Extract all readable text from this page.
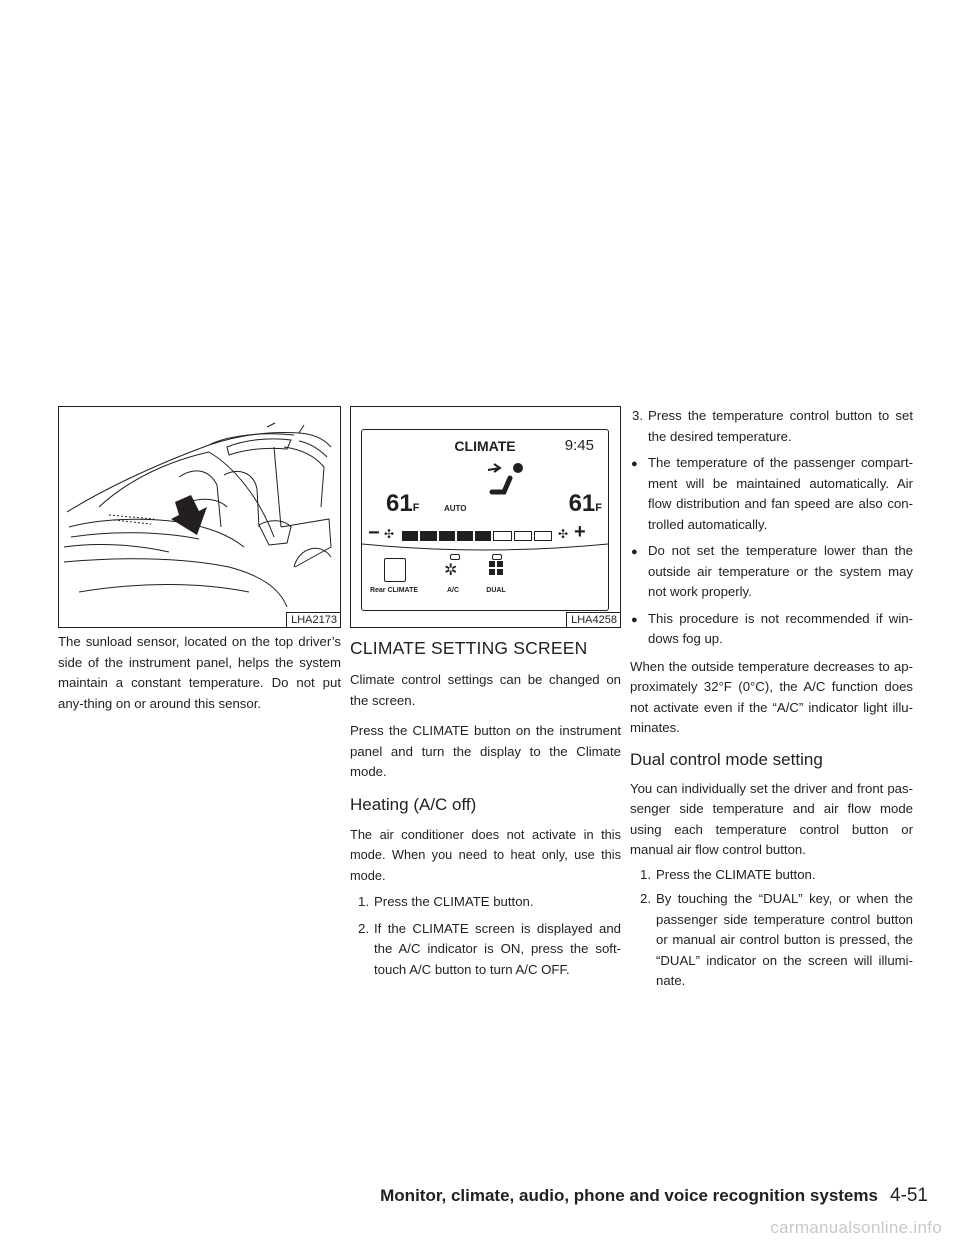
LHA2173
CLIMATE	9:45
61F	61F
AUTO
− ✣	✣ +
✲
Rear CLIMATE	A/C	DUAL
LHA4258

The sunload sensor, located on the top driver’s side of the instrument panel, helps the system maintain a constant temperature. Do not put any-thing on or around this sensor.

CLIMATE SETTING SCREEN

Climate control settings can be changed on the screen.

Press the CLIMATE button on the instrument panel and turn the display to the Climate mode.

Heating (A/C off)

The air conditioner does not activate in this mode. When you need to heat only, use this mode.

1. Press the CLIMATE button.
2. If the CLIMATE screen is displayed and the A/C indicator is ON, press the soft-touch A/C button to turn A/C OFF.
3. Press the temperature control button to set the desired temperature.
● The temperature of the passenger compart-ment will be maintained automatically. Air flow distribution and fan speed are also con-trolled automatically.
● Do not set the temperature lower than the outside air temperature or the system may not work properly.
● This procedure is not recommended if win-dows fog up.

When the outside temperature decreases to ap-proximately 32°F (0°C), the A/C function does not activate even if the “A/C” indicator light illu-minates.

Dual control mode setting

You can individually set the driver and front pas-senger side temperature and air flow mode using each temperature control button or manual air flow control button.

1. Press the CLIMATE button.
2. By touching the “DUAL” key, or when the passenger side temperature control button or manual air control button is pressed, the “DUAL” indicator on the screen will illumi-nate.
Monitor, climate, audio, phone and voice recognition systems 4-51
carmanualsonline.info
